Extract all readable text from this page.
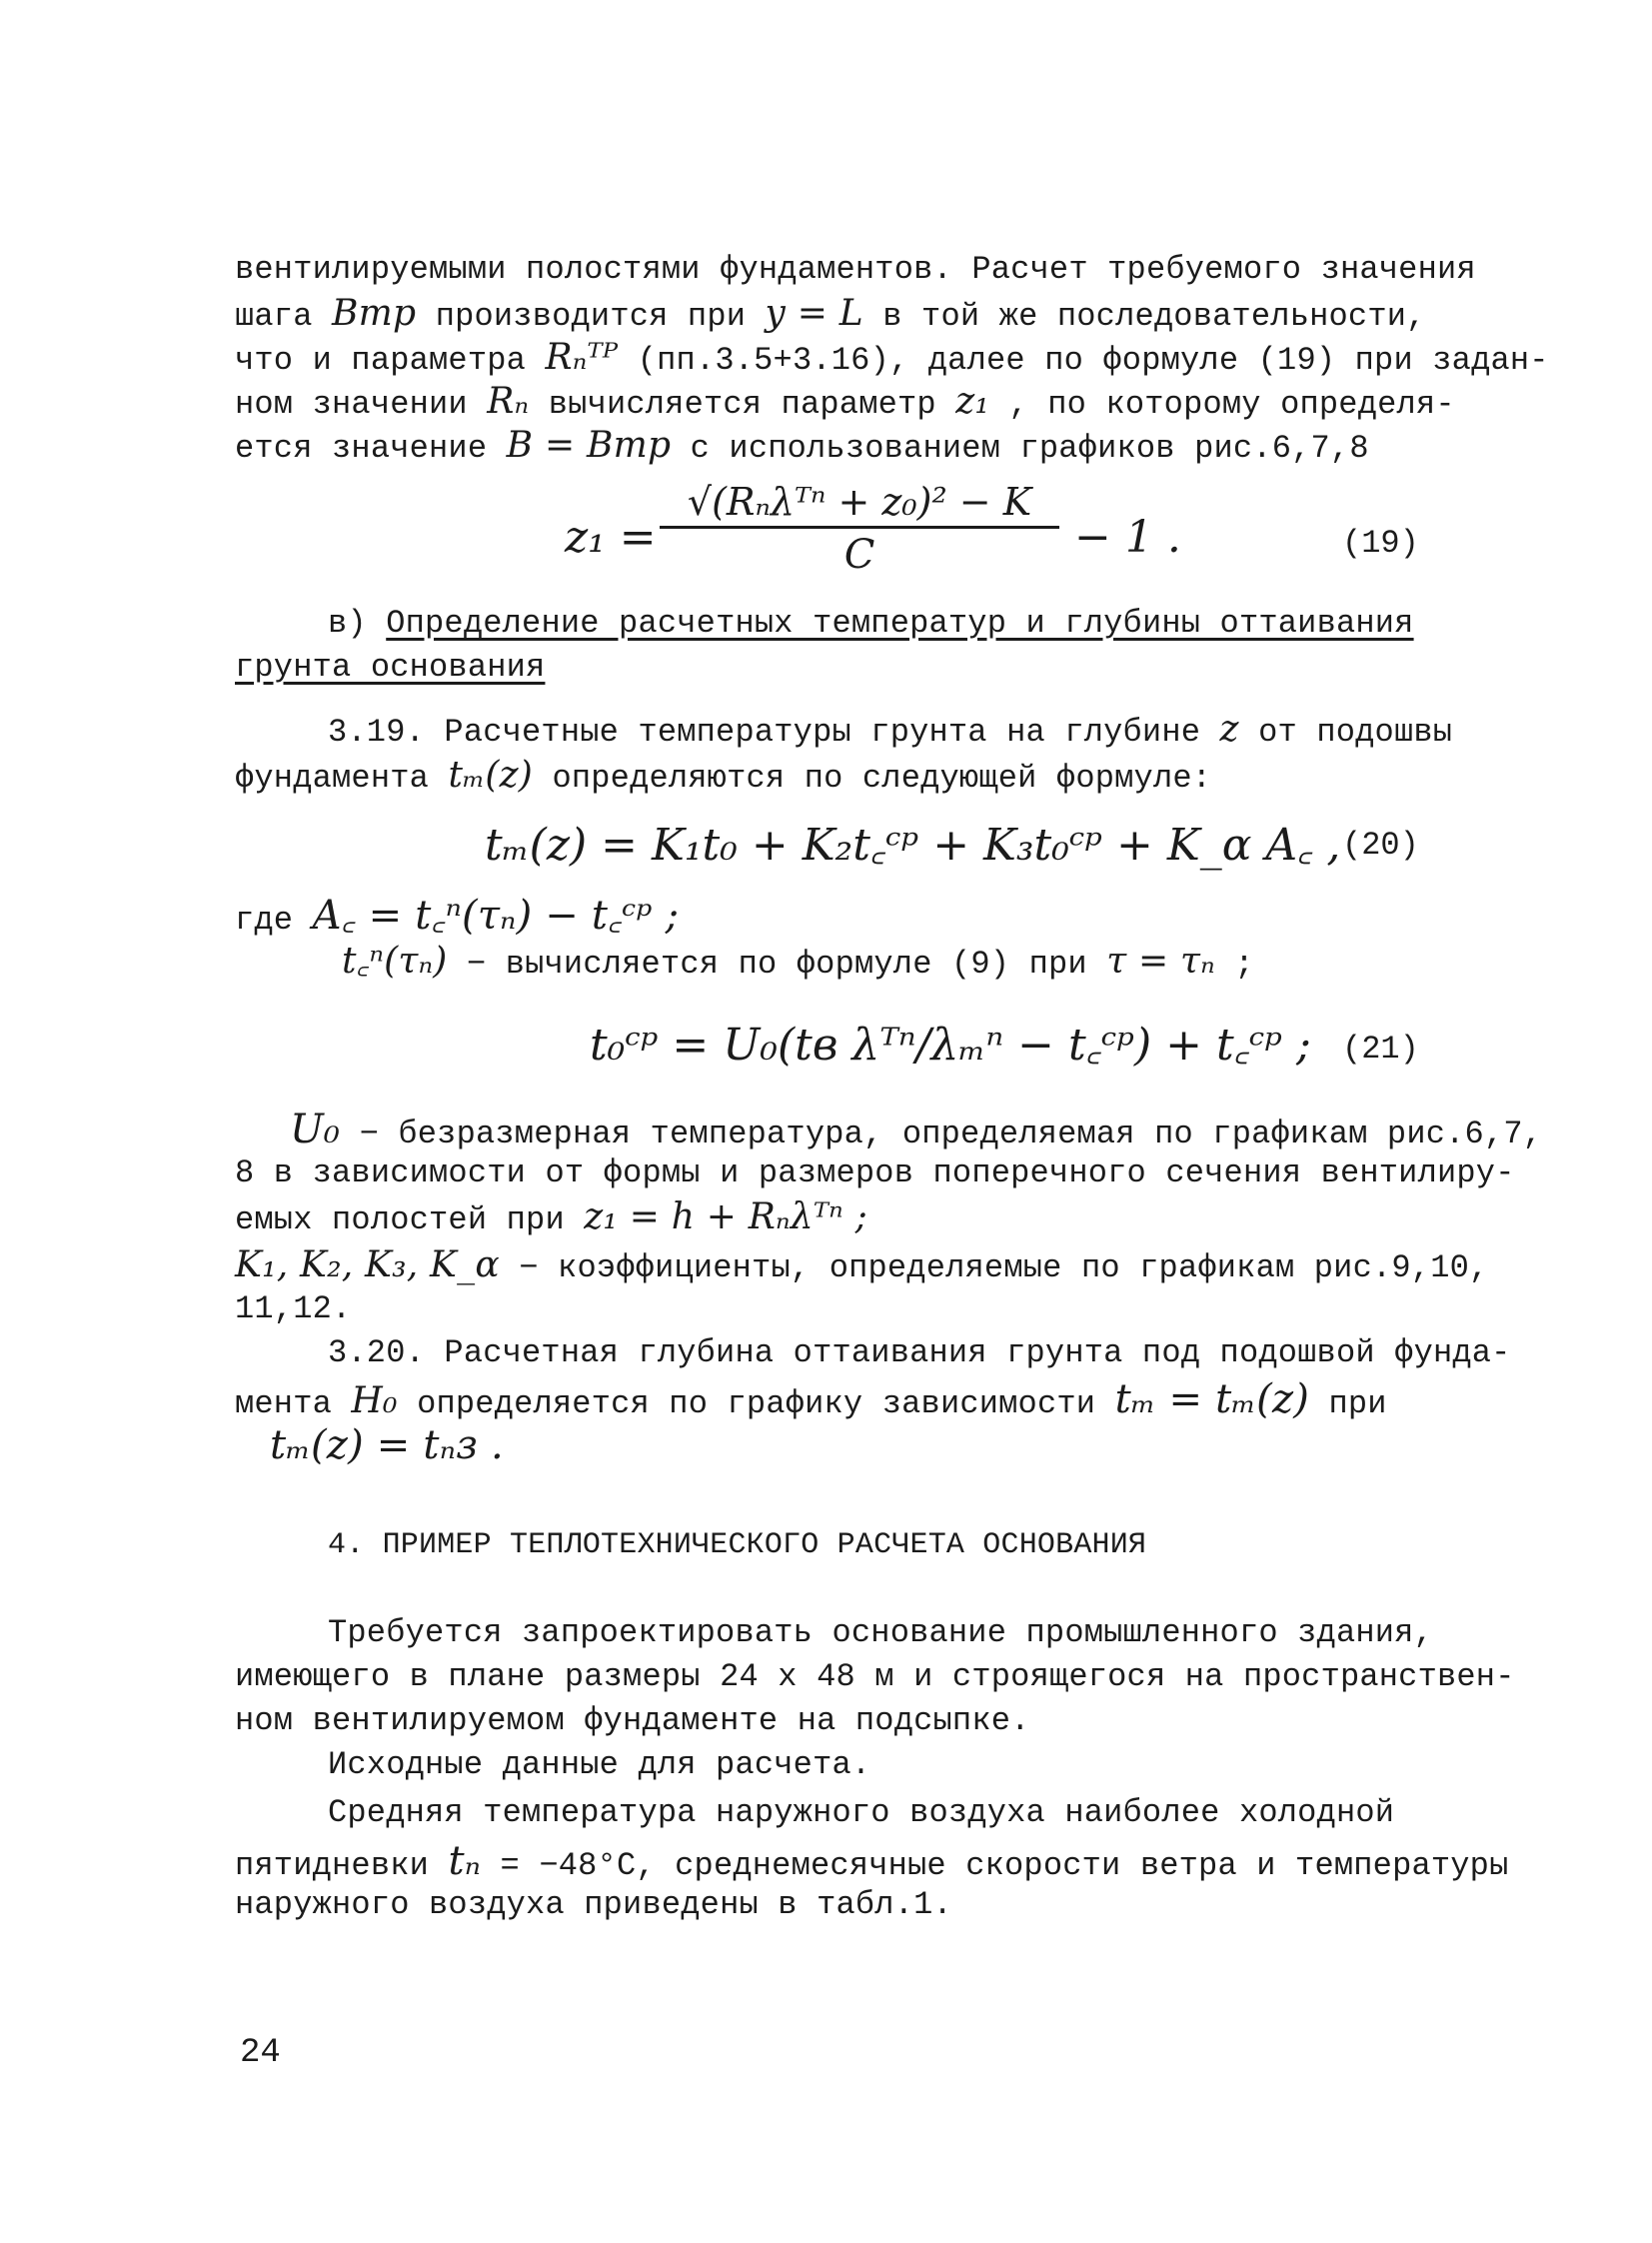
вентилируемыми полостями фундаментов. Расчет требуемого значения

шага Bтр производится при y = L в той же последовательности,

что и параметра Rₙᵀᴾ (пп.3.5+3.16), далее по формуле (19) при задан-

ном значении Rₙ вычисляется параметр z₁ , по которому определя-

ется значение B = Bтр с использованием графиков рис.6,7,8

z₁ =

√(Rₙλᵀⁿ + z₀)² − K
C	− 1 .	(19)

в) Определение расчетных температур и глубины оттаивания

грунта основания

3.19. Расчетные температуры грунта на глубине z от подошвы

фундамента tₘ(z) определяются по следующей формуле:

tₘ(z) = K₁t₀ + K₂t꜀ᶜᵖ + K₃t₀ᶜᵖ + K_α A꜀ , (20)

где A꜀ = t꜀ⁿ(τₙ) − t꜀ᶜᵖ ;

t꜀ⁿ(τₙ) − вычисляется по формуле (9) при τ = τₙ ;

t₀ᶜᵖ = U₀(tв λᵀⁿ/λₘⁿ − t꜀ᶜᵖ) + t꜀ᶜᵖ ; (21)

U₀ − безразмерная температура, определяемая по графикам рис.6,7,

8 в зависимости от формы и размеров поперечного сечения вентилиру-

емых полостей при z₁ = h + Rₙλᵀⁿ ;

K₁, K₂, K₃, K_α − коэффициенты, определяемые по графикам рис.9,10,

11,12.

3.20. Расчетная глубина оттаивания грунта под подошвой фунда-

мента H₀ определяется по графику зависимости tₘ = tₘ(z) при

tₘ(z) = tₙз .

4. ПРИМЕР ТЕПЛОТЕХНИЧЕСКОГО РАСЧЕТА ОСНОВАНИЯ

Требуется запроектировать основание промышленного здания,

имеющего в плане размеры 24 х 48 м и строящегося на пространствен-

ном вентилируемом фундаменте на подсыпке.

Исходные данные для расчета.

Средняя температура наружного воздуха наиболее холодной

пятидневки tₙ = −48°С, среднемесячные скорости ветра и температуры

наружного воздуха приведены в табл.1.

24
